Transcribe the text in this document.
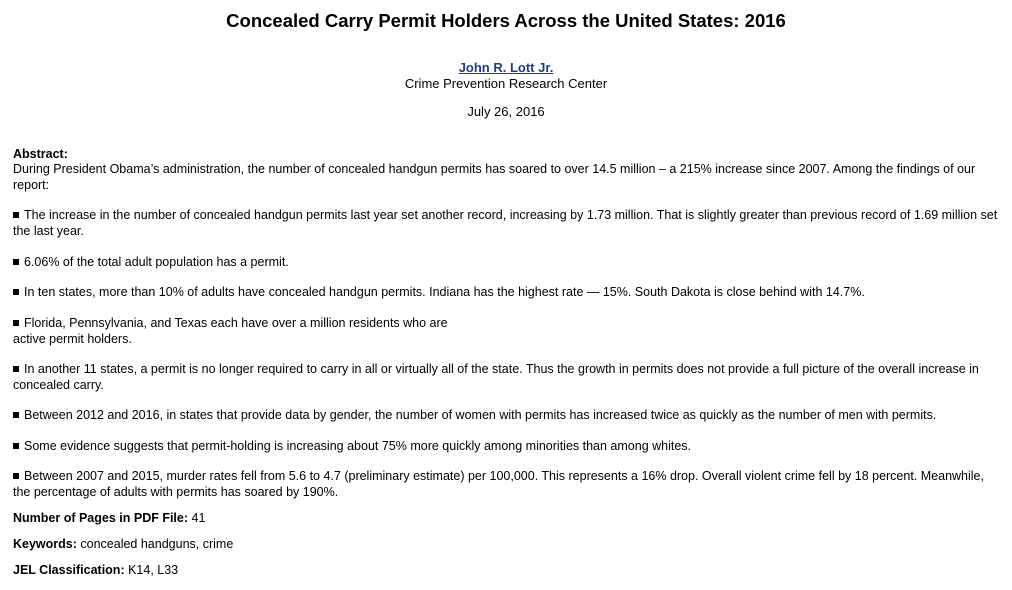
Concealed Carry Permit Holders Across the United States: 2016
John R. Lott Jr.
Crime Prevention Research Center
July 26, 2016
Abstract:
During President Obama’s administration, the number of concealed handgun permits has soared to over 14.5 million – a 215% increase since 2007. Among the findings of our report:
The increase in the number of concealed handgun permits last year set another record, increasing by 1.73 million. That is slightly greater than previous record of 1.69 million set the last year.
6.06% of the total adult population has a permit.
In ten states, more than 10% of adults have concealed handgun permits. Indiana has the highest rate — 15%. South Dakota is close behind with 14.7%.
Florida, Pennsylvania, and Texas each have over a million residents who are
active permit holders.
In another 11 states, a permit is no longer required to carry in all or virtually all of the state. Thus the growth in permits does not provide a full picture of the overall increase in concealed carry.
Between 2012 and 2016, in states that provide data by gender, the number of women with permits has increased twice as quickly as the number of men with permits.
Some evidence suggests that permit-holding is increasing about 75% more quickly among minorities than among whites.
Between 2007 and 2015, murder rates fell from 5.6 to 4.7 (preliminary estimate) per 100,000. This represents a 16% drop. Overall violent crime fell by 18 percent. Meanwhile, the percentage of adults with permits has soared by 190%.
Number of Pages in PDF File: 41
Keywords: concealed handguns, crime
JEL Classification: K14, L33
